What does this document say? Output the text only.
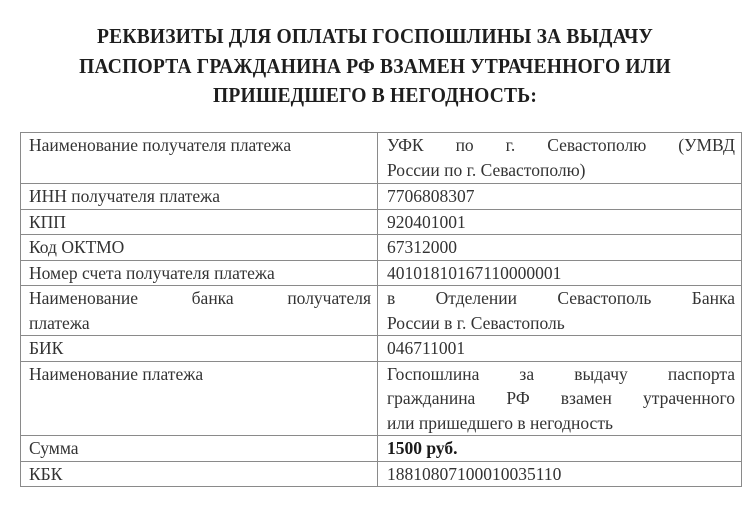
РЕКВИЗИТЫ ДЛЯ ОПЛАТЫ ГОСПОШЛИНЫ ЗА ВЫДАЧУ
ПАСПОРТА ГРАЖДАНИНА РФ ВЗАМЕН УТРАЧЕННОГО ИЛИ
ПРИШЕДШЕГО В НЕГОДНОСТЬ:
Наименование получателя платежа	УФК по г. Севастополю (УМВД
России по г. Севастополю)
ИНН получателя платежа	7706808307
КПП	920401001
Код ОКТМО	67312000
Номер счета получателя платежа	40101810167110000001

Наименование банка получателя
платежа	в Отделении Севастополь Банка
России в г. Севастополь
БИК	046711001
Наименование платежа	Госпошлина за выдачу паспорта
гражданина РФ взамен утраченного
или пришедшего в негодность
Сумма	1500 руб.
КБК	18810807100010035110
